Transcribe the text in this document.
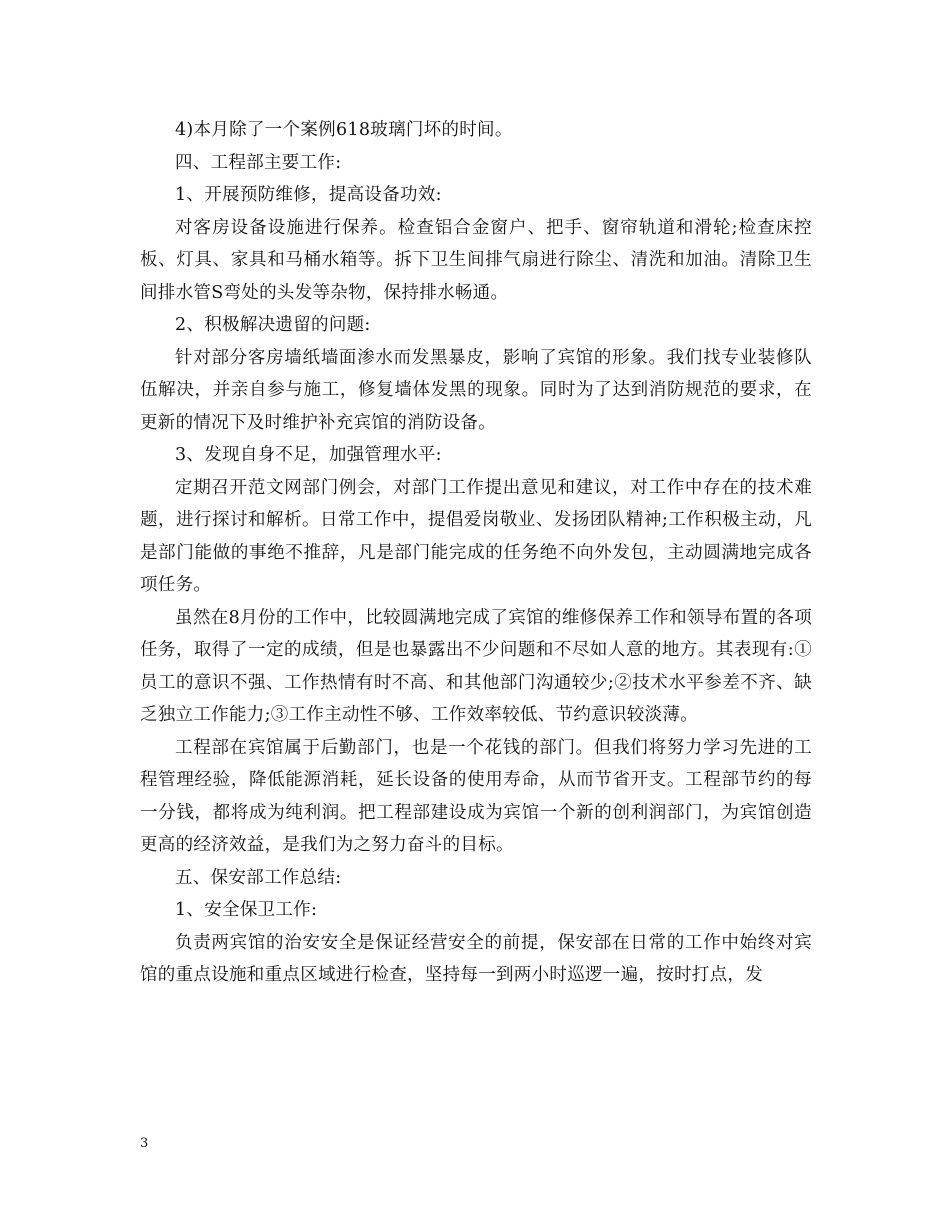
4)本月除了一个案例618玻璃门坏的时间。

四、工程部主要工作:

1、开展预防维修，提高设备功效:

对客房设备设施进行保养。检查铝合金窗户、把手、窗帘轨道和滑轮;检查床控板、灯具、家具和马桶水箱等。拆下卫生间排气扇进行除尘、清洗和加油。清除卫生间排水管S弯处的头发等杂物，保持排水畅通。

2、积极解决遗留的问题:

针对部分客房墙纸墙面渗水而发黑暴皮，影响了宾馆的形象。我们找专业装修队伍解决，并亲自参与施工，修复墙体发黑的现象。同时为了达到消防规范的要求，在更新的情况下及时维护补充宾馆的消防设备。

3、发现自身不足，加强管理水平:

定期召开范文网部门例会，对部门工作提出意见和建议，对工作中存在的技术难题，进行探讨和解析。日常工作中，提倡爱岗敬业、发扬团队精神;工作积极主动，凡是部门能做的事绝不推辞，凡是部门能完成的任务绝不向外发包，主动圆满地完成各项任务。

虽然在8月份的工作中，比较圆满地完成了宾馆的维修保养工作和领导布置的各项任务，取得了一定的成绩，但是也暴露出不少问题和不尽如人意的地方。其表现有:①员工的意识不强、工作热情有时不高、和其他部门沟通较少;②技术水平参差不齐、缺乏独立工作能力;③工作主动性不够、工作效率较低、节约意识较淡薄。

工程部在宾馆属于后勤部门，也是一个花钱的部门。但我们将努力学习先进的工程管理经验，降低能源消耗，延长设备的使用寿命，从而节省开支。工程部节约的每一分钱，都将成为纯利润。把工程部建设成为宾馆一个新的创利润部门，为宾馆创造更高的经济效益，是我们为之努力奋斗的目标。

五、保安部工作总结:

1、安全保卫工作:

负责两宾馆的治安安全是保证经营安全的前提，保安部在日常的工作中始终对宾馆的重点设施和重点区域进行检查，坚持每一到两小时巡逻一遍，按时打点，发

3
